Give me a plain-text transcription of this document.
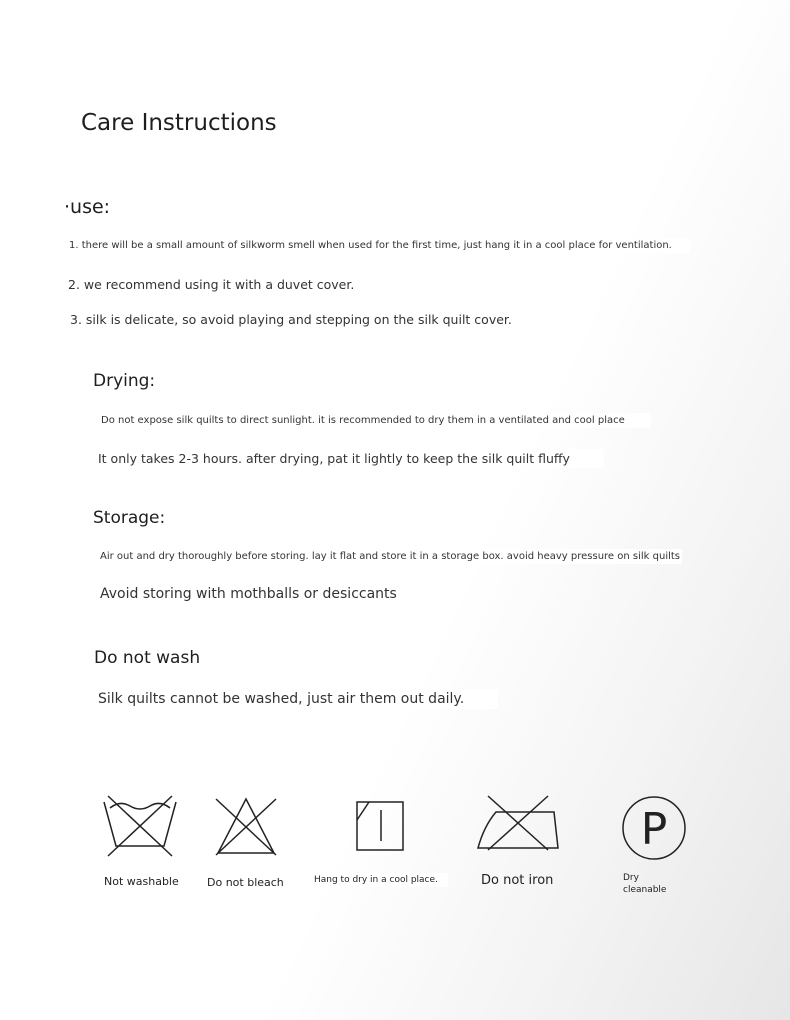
Care Instructions
·use:
1. there will be a small amount of silkworm smell when used for the first time, just hang it in a cool place for ventilation.
2. we recommend using it with a duvet cover.
3. silk is delicate, so avoid playing and stepping on the silk quilt cover.
Drying:
Do not expose silk quilts to direct sunlight. it is recommended to dry them in a ventilated and cool place
It only takes 2-3 hours. after drying, pat it lightly to keep the silk quilt fluffy
Storage:
Air out and dry thoroughly before storing. lay it flat and store it in a storage box. avoid heavy pressure on silk quilts
Avoid storing with mothballs or desiccants
Do not wash
Silk quilts cannot be washed, just air them out daily.
Not washable	Do not bleach	Hang to dry in a cool place.	Do not iron
P
Dry
cleanable
